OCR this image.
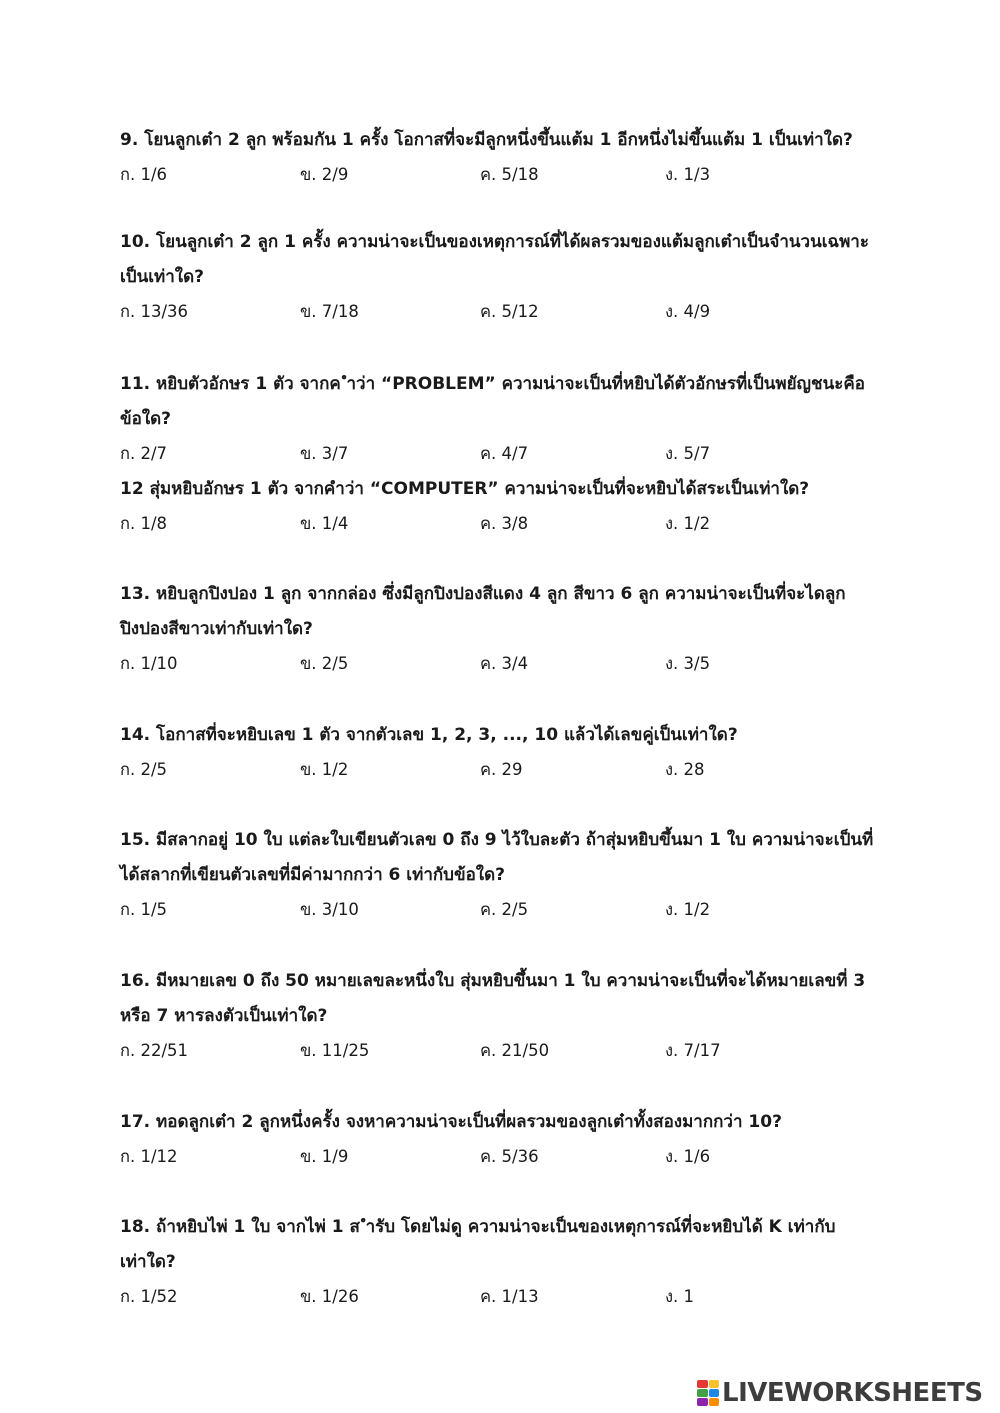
9. โยนลูกเต๋า 2 ลูก พร้อมกัน 1 ครั้ง โอกาสที่จะมีลูกหนึ่งขึ้นแต้ม 1 อีกหนึ่งไม่ขึ้นแต้ม 1 เป็นเท่าใด?

ก. 1/6	ข. 2/9	ค. 5/18	ง. 1/3

10. โยนลูกเต๋า 2 ลูก 1 ครั้ง ความน่าจะเป็นของเหตุการณ์ที่ได้ผลรวมของแต้มลูกเต๋าเป็นจำนวนเฉพาะเป็นเท่าใด?

ก. 13/36	ข. 7/18	ค. 5/12	ง. 4/9

11. หยิบตัวอักษร 1 ตัว จากค ำว่า “PROBLEM” ความน่าจะเป็นที่หยิบได้ตัวอักษรที่เป็นพยัญชนะคือข้อใด?

ก. 2/7	ข. 3/7	ค. 4/7	ง. 5/7

12 สุ่มหยิบอักษร 1 ตัว จากคำว่า “COMPUTER” ความน่าจะเป็นที่จะหยิบได้สระเป็นเท่าใด?

ก. 1/8	ข. 1/4	ค. 3/8	ง. 1/2

13. หยิบลูกปิงปอง 1 ลูก จากกล่อง ซึ่งมีลูกปิงปองสีแดง 4 ลูก สีขาว 6 ลูก ความน่าจะเป็นที่จะไดลูกปิงปองสีขาวเท่ากับเท่าใด?

ก. 1/10	ข. 2/5	ค. 3/4	ง. 3/5

14. โอกาสที่จะหยิบเลข 1 ตัว จากตัวเลข 1, 2, 3, ..., 10 แล้วได้เลขคู่เป็นเท่าใด?

ก. 2/5	ข. 1/2	ค. 29	ง. 28

15. มีสลากอยู่ 10 ใบ แต่ละใบเขียนตัวเลข 0 ถึง 9 ไว้ใบละตัว ถ้าสุ่มหยิบขึ้นมา 1 ใบ ความน่าจะเป็นที่ได้สลากที่เขียนตัวเลขที่มีค่ามากกว่า 6 เท่ากับข้อใด?

ก. 1/5	ข. 3/10	ค. 2/5	ง. 1/2

16. มีหมายเลข 0 ถึง 50 หมายเลขละหนึ่งใบ สุ่มหยิบขึ้นมา 1 ใบ ความน่าจะเป็นที่จะได้หมายเลขที่ 3 หรือ 7 หารลงตัวเป็นเท่าใด?

ก. 22/51	ข. 11/25	ค. 21/50	ง. 7/17

17. ทอดลูกเต๋า 2 ลูกหนึ่งครั้ง จงหาความน่าจะเป็นที่ผลรวมของลูกเต๋าทั้งสองมากกว่า 10?

ก. 1/12	ข. 1/9	ค. 5/36	ง. 1/6

18. ถ้าหยิบไพ่ 1 ใบ จากไพ่ 1 ส ำรับ โดยไม่ดู ความน่าจะเป็นของเหตุการณ์ที่จะหยิบได้ K เท่ากับเท่าใด?

ก. 1/52	ข. 1/26	ค. 1/13	ง. 1
LIVEWORKSHEETS
